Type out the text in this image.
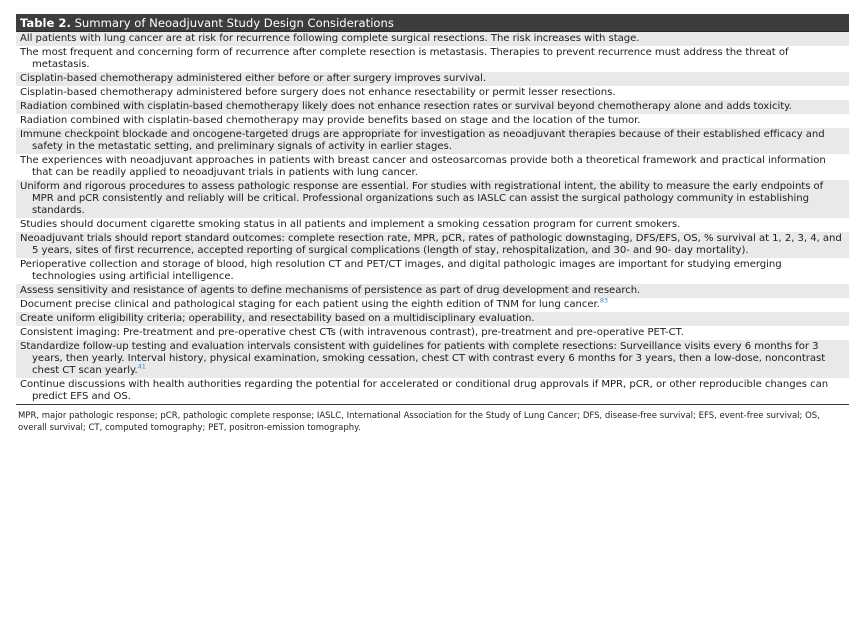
Table 2. Summary of Neoadjuvant Study Design Considerations
All patients with lung cancer are at risk for recurrence following complete surgical resections. The risk increases with stage.
The most frequent and concerning form of recurrence after complete resection is metastasis. Therapies to prevent recurrence must address the threat of metastasis.
Cisplatin-based chemotherapy administered either before or after surgery improves survival.
Cisplatin-based chemotherapy administered before surgery does not enhance resectability or permit lesser resections.
Radiation combined with cisplatin-based chemotherapy likely does not enhance resection rates or survival beyond chemotherapy alone and adds toxicity.
Radiation combined with cisplatin-based chemotherapy may provide benefits based on stage and the location of the tumor.
Immune checkpoint blockade and oncogene-targeted drugs are appropriate for investigation as neoadjuvant therapies because of their established efficacy and safety in the metastatic setting, and preliminary signals of activity in earlier stages.
The experiences with neoadjuvant approaches in patients with breast cancer and osteosarcomas provide both a theoretical framework and practical information that can be readily applied to neoadjuvant trials in patients with lung cancer.
Uniform and rigorous procedures to assess pathologic response are essential. For studies with registrational intent, the ability to measure the early endpoints of MPR and pCR consistently and reliably will be critical. Professional organizations such as IASLC can assist the surgical pathology community in establishing standards.
Studies should document cigarette smoking status in all patients and implement a smoking cessation program for current smokers.
Neoadjuvant trials should report standard outcomes: complete resection rate, MPR, pCR, rates of pathologic downstaging, DFS/EFS, OS, % survival at 1, 2, 3, 4, and 5 years, sites of first recurrence, accepted reporting of surgical complications (length of stay, rehospitalization, and 30- and 90- day mortality).
Perioperative collection and storage of blood, high resolution CT and PET/CT images, and digital pathologic images are important for studying emerging technologies using artificial intelligence.
Assess sensitivity and resistance of agents to define mechanisms of persistence as part of drug development and research.
Document precise clinical and pathological staging for each patient using the eighth edition of TNM for lung cancer.$^{83}$
Create uniform eligibility criteria; operability, and resectability based on a multidisciplinary evaluation.
Consistent imaging: Pre-treatment and pre-operative chest CTs (with intravenous contrast), pre-treatment and pre-operative PET-CT.
Standardize follow-up testing and evaluation intervals consistent with guidelines for patients with complete resections: Surveillance visits every 6 months for 3 years, then yearly. Interval history, physical examination, smoking cessation, chest CT with contrast every 6 months for 3 years, then a low-dose, noncontrast chest CT scan yearly.$^{41}$
Continue discussions with health authorities regarding the potential for accelerated or conditional drug approvals if MPR, pCR, or other reproducible changes can predict EFS and OS.
MPR, major pathologic response; pCR, pathologic complete response; IASLC, International Association for the Study of Lung Cancer; DFS, disease-free survival; EFS, event-free survival; OS, overall survival; CT, computed tomography; PET, positron-emission tomography.
